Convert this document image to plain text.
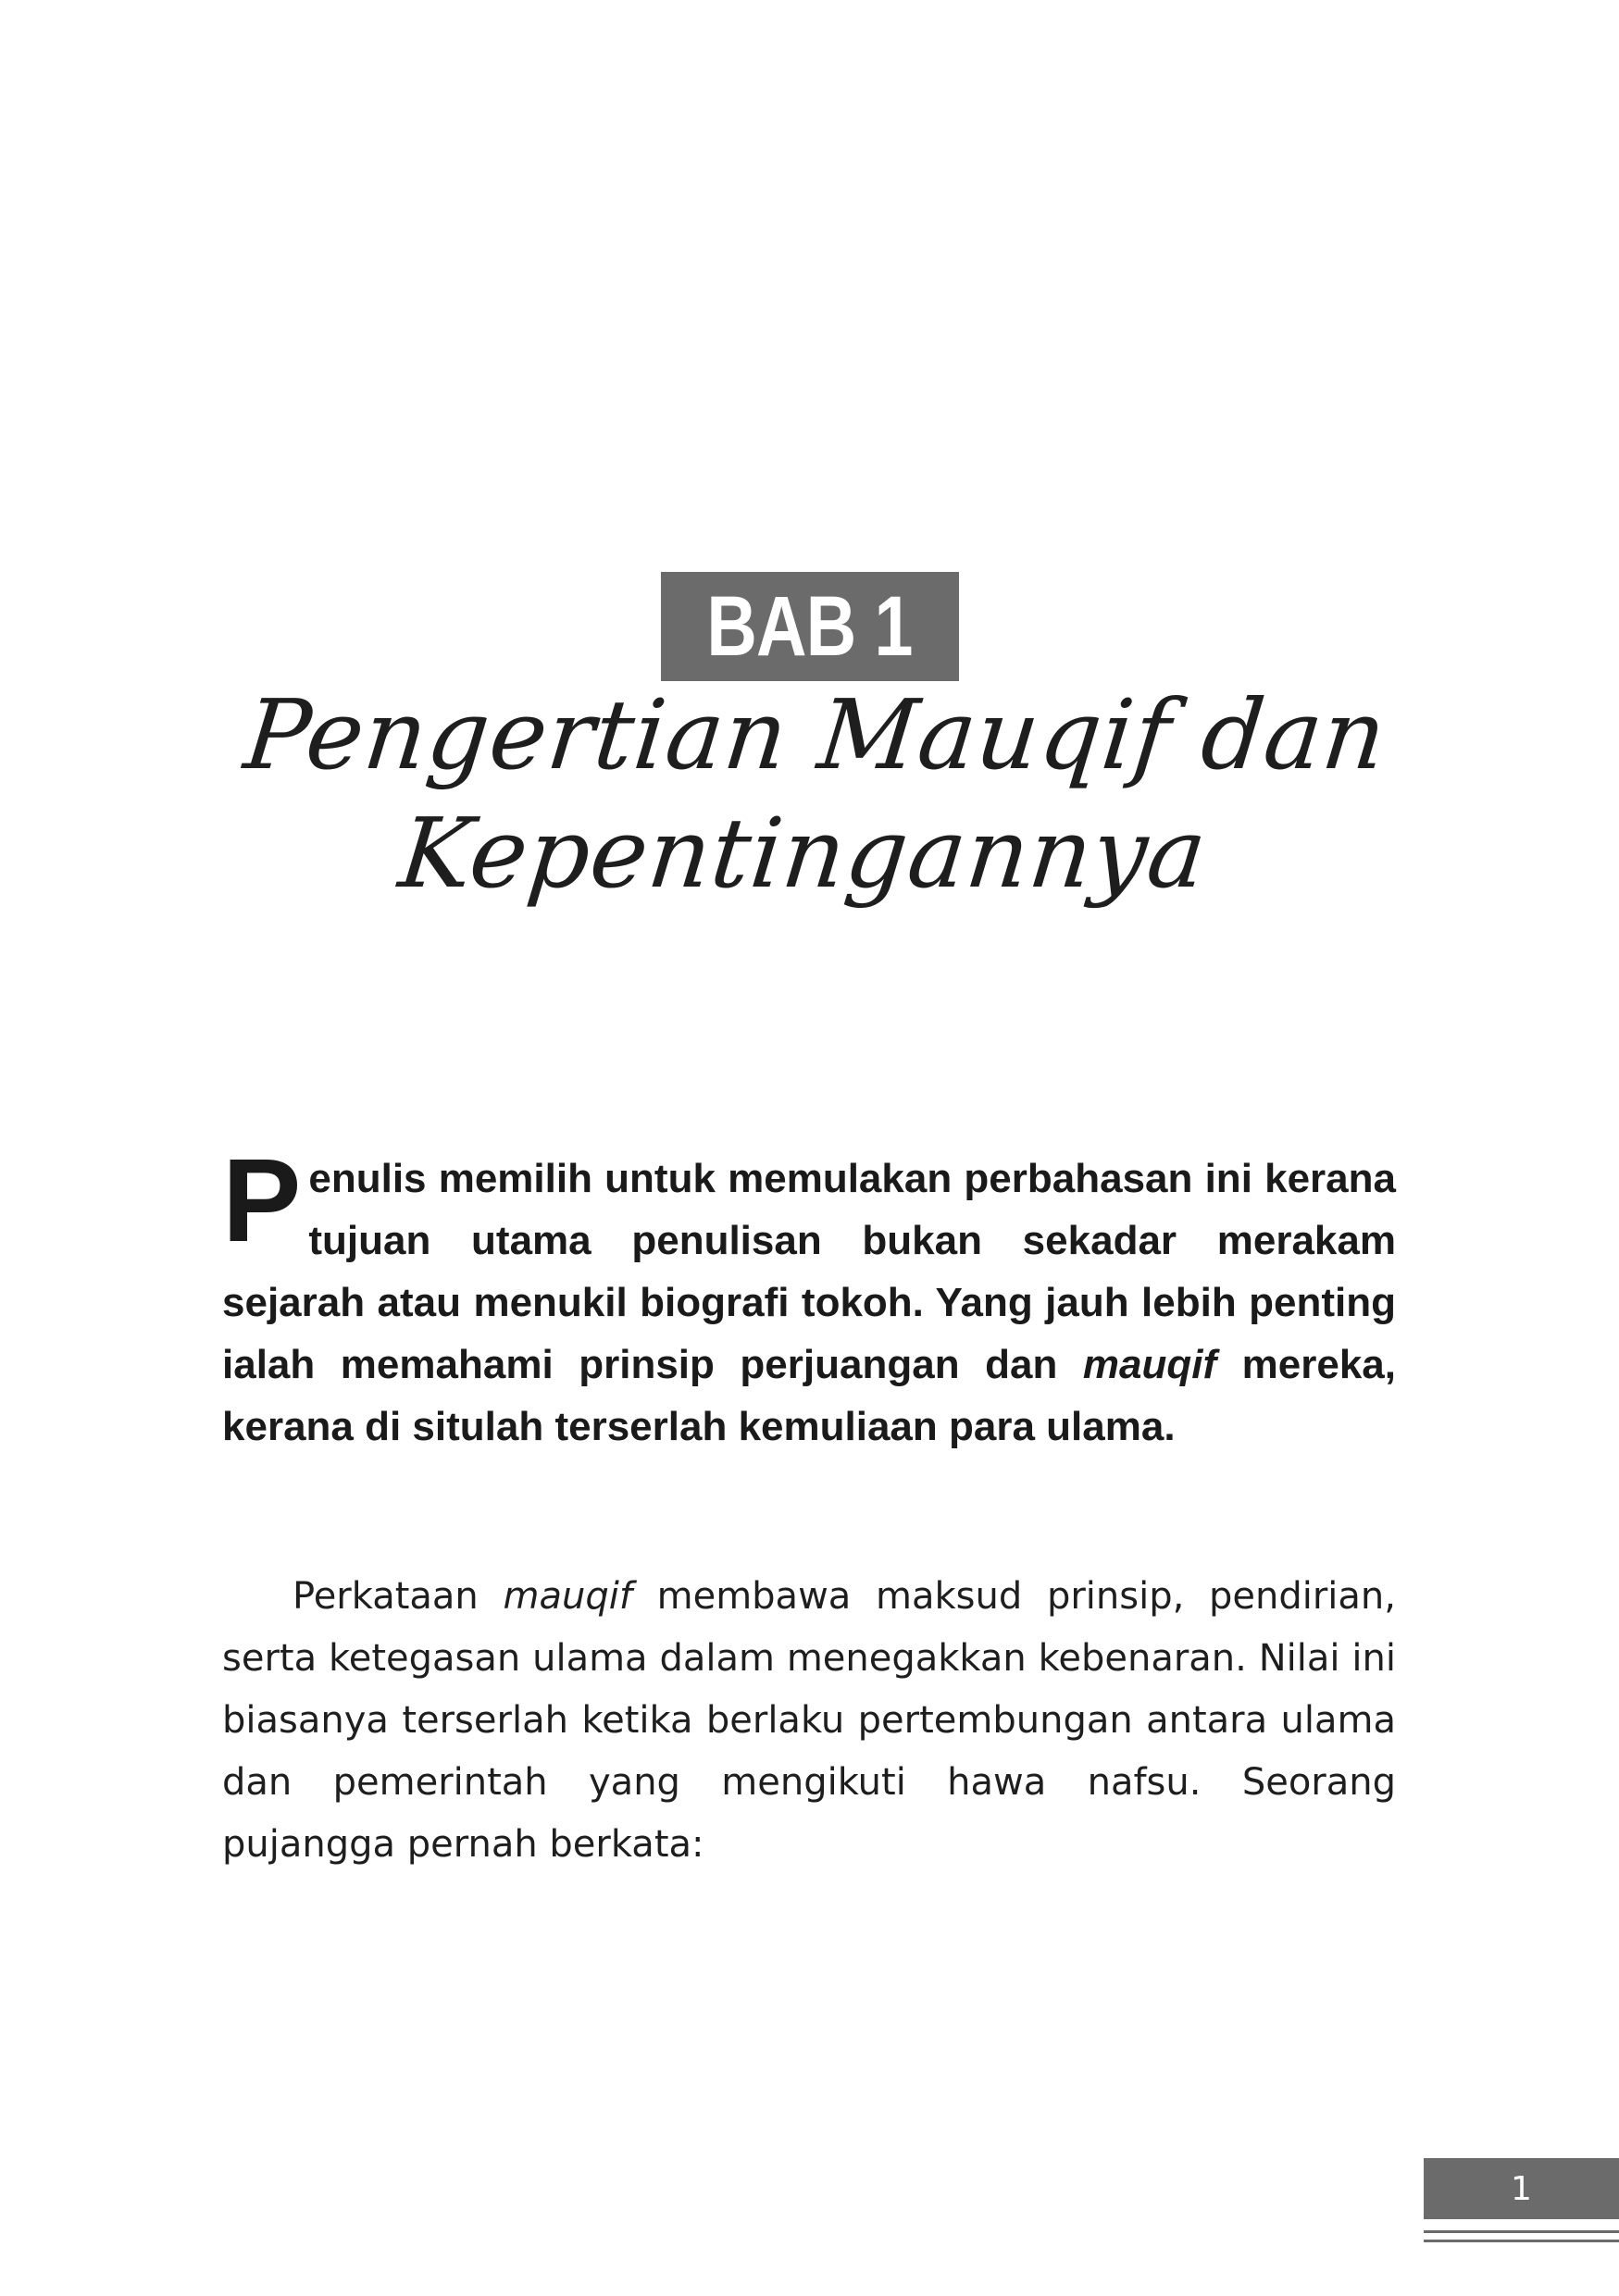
BAB 1
Pengertian Mauqif dan
Kepentingannya
Penulis memilih untuk memulakan perbahasan ini kerana tujuan utama penulisan bukan sekadar merakam sejarah atau menukil biografi tokoh. Yang jauh lebih penting ialah memahami prinsip perjuangan dan mauqif mereka, kerana di situlah terserlah kemuliaan para ulama.
Perkataan mauqif membawa maksud prinsip, pendirian, serta ketegasan ulama dalam menegakkan kebenaran. Nilai ini biasanya terserlah ketika berlaku pertembungan antara ulama dan pemerintah yang mengikuti hawa nafsu. Seorang pujangga pernah berkata:
1
